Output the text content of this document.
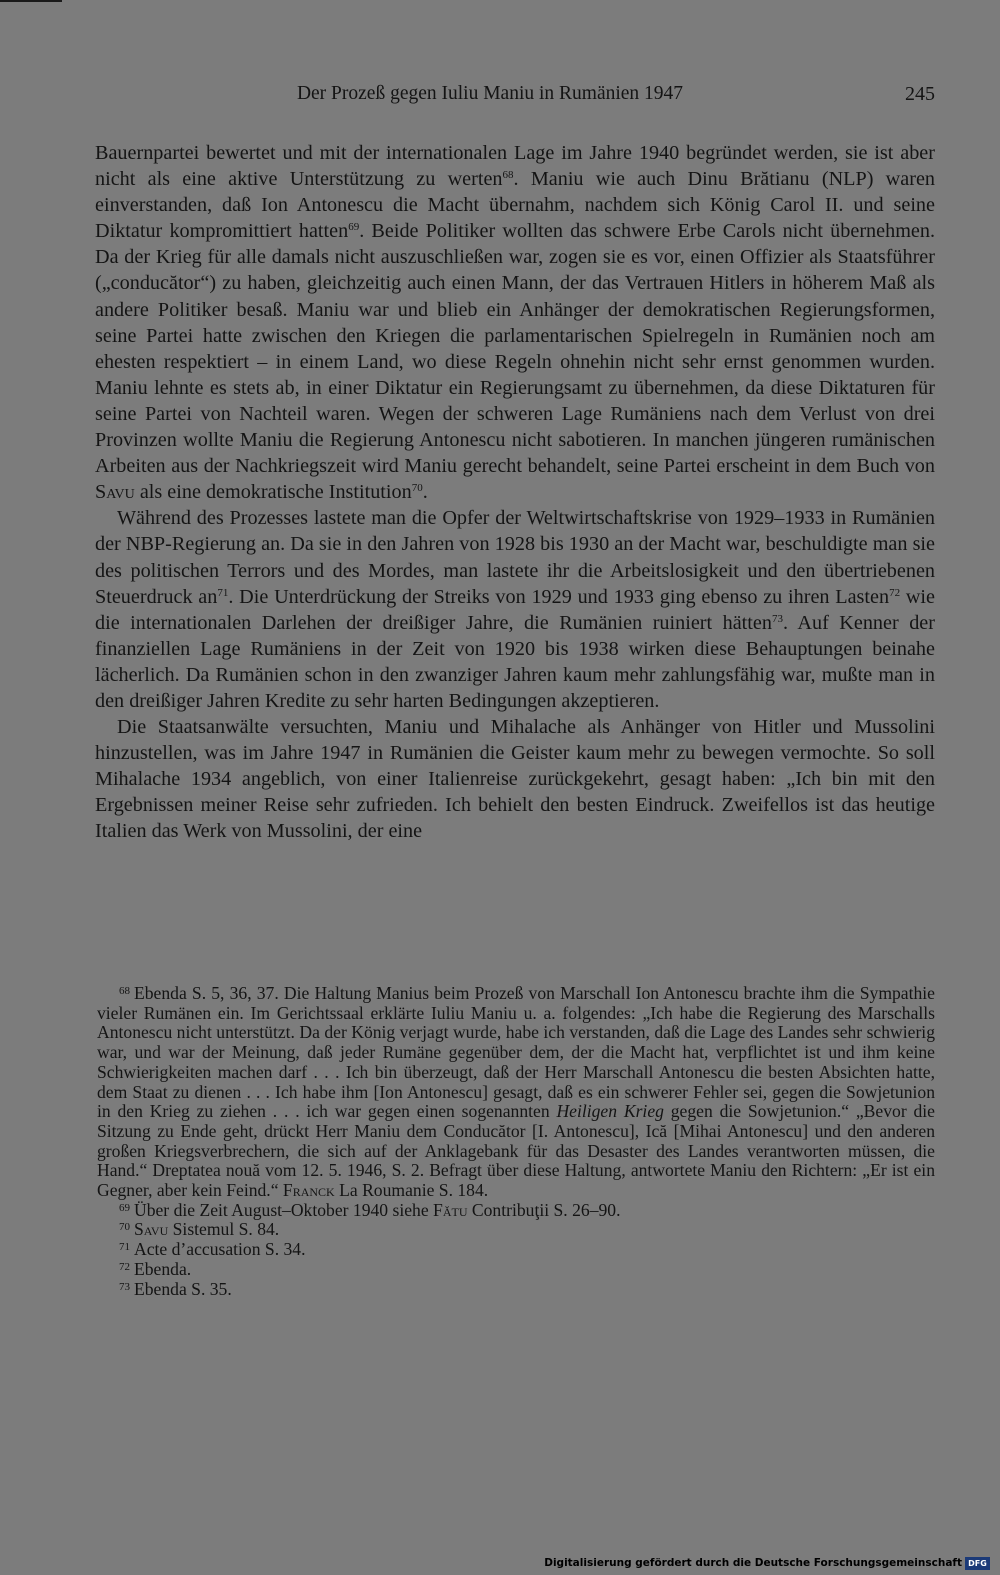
Der Prozeß gegen Iuliu Maniu in Rumänien 1947	245

Bauernpartei bewertet und mit der internationalen Lage im Jahre 1940 begründet werden, sie ist aber nicht als eine aktive Unterstützung zu werten$^{68}$. Maniu wie auch Dinu Brătianu (NLP) waren einverstanden, daß Ion Antonescu die Macht übernahm, nachdem sich König Carol II. und seine Diktatur kompromittiert hatten$^{69}$. Beide Politiker wollten das schwere Erbe Carols nicht übernehmen. Da der Krieg für alle damals nicht auszuschließen war, zogen sie es vor, einen Offizier als Staatsführer („conducător“) zu haben, gleichzeitig auch einen Mann, der das Vertrauen Hitlers in höherem Maß als andere Politiker besaß. Maniu war und blieb ein Anhänger der demokratischen Regierungsformen, seine Partei hatte zwischen den Kriegen die parlamentarischen Spielregeln in Rumänien noch am ehesten respektiert – in einem Land, wo diese Regeln ohnehin nicht sehr ernst genommen wurden. Maniu lehnte es stets ab, in einer Diktatur ein Regierungsamt zu übernehmen, da diese Diktaturen für seine Partei von Nachteil waren. Wegen der schweren Lage Rumäniens nach dem Verlust von drei Provinzen wollte Maniu die Regierung Antonescu nicht sabotieren. In manchen jüngeren rumänischen Arbeiten aus der Nachkriegszeit wird Maniu gerecht behandelt, seine Partei erscheint in dem Buch von Savu als eine demokratische Institution$^{70}$.

Während des Prozesses lastete man die Opfer der Weltwirtschaftskrise von 1929–1933 in Rumänien der NBP-Regierung an. Da sie in den Jahren von 1928 bis 1930 an der Macht war, beschuldigte man sie des politischen Terrors und des Mordes, man lastete ihr die Arbeitslosigkeit und den übertriebenen Steuerdruck an$^{71}$. Die Unterdrückung der Streiks von 1929 und 1933 ging ebenso zu ihren Lasten$^{72}$ wie die internationalen Darlehen der dreißiger Jahre, die Rumänien ruiniert hätten$^{73}$. Auf Kenner der finanziellen Lage Rumäniens in der Zeit von 1920 bis 1938 wirken diese Behauptungen beinahe lächerlich. Da Rumänien schon in den zwanziger Jahren kaum mehr zahlungsfähig war, mußte man in den dreißiger Jahren Kredite zu sehr harten Bedingungen akzeptieren.

Die Staatsanwälte versuchten, Maniu und Mihalache als Anhänger von Hitler und Mussolini hinzustellen, was im Jahre 1947 in Rumänien die Geister kaum mehr zu bewegen vermochte. So soll Mihalache 1934 angeblich, von einer Italienreise zurückgekehrt, gesagt haben: „Ich bin mit den Ergebnissen meiner Reise sehr zufrieden. Ich behielt den besten Eindruck. Zweifellos ist das heutige Italien das Werk von Mussolini, der eine

$^{68}$ Ebenda S. 5, 36, 37. Die Haltung Manius beim Prozeß von Marschall Ion Antonescu brachte ihm die Sympathie vieler Rumänen ein. Im Gerichtssaal erklärte Iuliu Maniu u. a. folgendes: „Ich habe die Regierung des Marschalls Antonescu nicht unterstützt. Da der König verjagt wurde, habe ich verstanden, daß die Lage des Landes sehr schwierig war, und war der Meinung, daß jeder Rumäne gegenüber dem, der die Macht hat, verpflichtet ist und ihm keine Schwierigkeiten machen darf . . . Ich bin überzeugt, daß der Herr Marschall Antonescu die besten Absichten hatte, dem Staat zu dienen . . . Ich habe ihm [Ion Antonescu] gesagt, daß es ein schwerer Fehler sei, gegen die Sowjetunion in den Krieg zu ziehen . . . ich war gegen einen sogenannten Heiligen Krieg gegen die Sowjetunion.“ „Bevor die Sitzung zu Ende geht, drückt Herr Maniu dem Conducător [I. Antonescu], Ică [Mihai Antonescu] und den anderen großen Kriegsverbrechern, die sich auf der Anklagebank für das Desaster des Landes verantworten müssen, die Hand.“ Dreptatea nouă vom 12. 5. 1946, S. 2. Befragt über diese Haltung, antwortete Maniu den Richtern: „Er ist ein Gegner, aber kein Feind.“ Franck La Roumanie S. 184.

$^{69}$ Über die Zeit August–Oktober 1940 siehe Fătu Contribuţii S. 26–90.

$^{70}$ Savu Sistemul S. 84.

$^{71}$ Acte d’accusation S. 34.

$^{72}$ Ebenda.

$^{73}$ Ebenda S. 35.

Digitalisierung gefördert durch die Deutsche Forschungsgemeinschaft DFG
